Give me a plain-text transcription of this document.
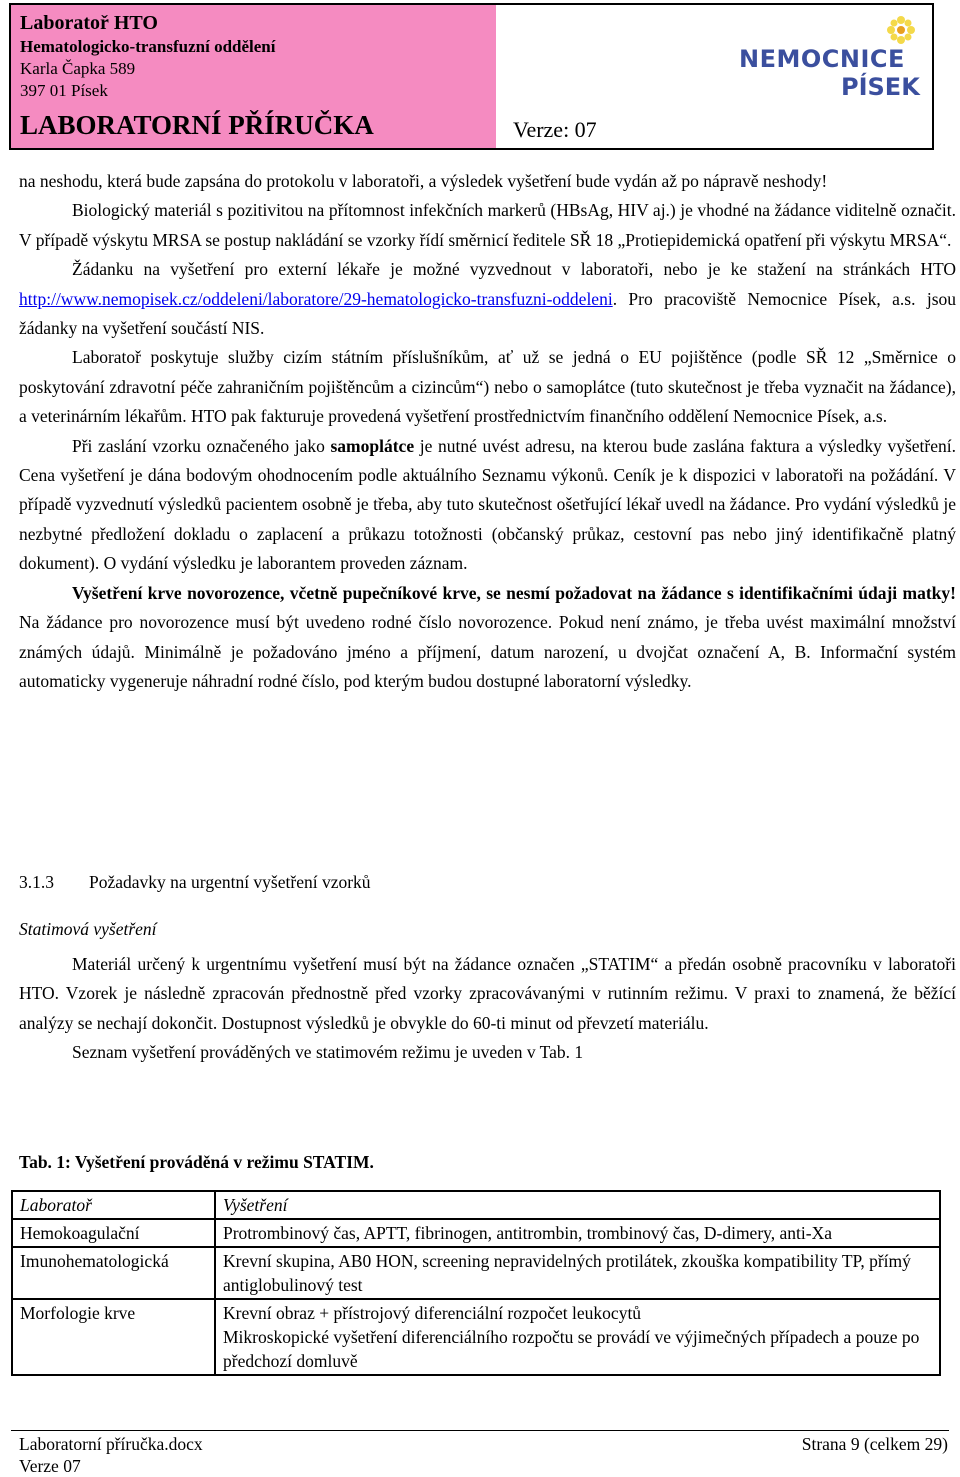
Laboratoř HTO
Hematologicko-transfuzní oddělení
Karla Čapka 589
397 01 Písek
LABORATORNÍ PŘÍRUČKA	Verze: 07
NEMOCNICE
PÍSEK

na neshodu, která bude zapsána do protokolu v laboratoři, a výsledek vyšetření bude vydán až po nápravě neshody!

Biologický materiál s pozitivitou na přítomnost infekčních markerů (HBsAg, HIV aj.) je vhodné na žádance viditelně označit. V případě výskytu MRSA se postup nakládání se vzorky řídí směrnicí ředitele SŘ 18 „Protiepidemická opatření při výskytu MRSA“.

Žádanku na vyšetření pro externí lékaře je možné vyzvednout v laboratoři, nebo je ke stažení na stránkách HTO http://www.nemopisek.cz/oddeleni/laboratore/29-hematologicko-transfuzni-oddeleni. Pro pracoviště Nemocnice Písek, a.s. jsou žádanky na vyšetření součástí NIS.

Laboratoř poskytuje služby cizím státním příslušníkům, ať už se jedná o EU pojištěnce (podle SŘ 12 „Směrnice o poskytování zdravotní péče zahraničním pojištěncům a cizincům“) nebo o samoplátce (tuto skutečnost je třeba vyznačit na žádance), a veterinárním lékařům. HTO pak fakturuje provedená vyšetření prostřednictvím finančního oddělení Nemocnice Písek, a.s.

Při zaslání vzorku označeného jako samoplátce je nutné uvést adresu, na kterou bude zaslána faktura a výsledky vyšetření. Cena vyšetření je dána bodovým ohodnocením podle aktuálního Seznamu výkonů. Ceník je k dispozici v laboratoři na požádání. V případě vyzvednutí výsledků pacientem osobně je třeba, aby tuto skutečnost ošetřující lékař uvedl na žádance. Pro vydání výsledků je nezbytné předložení dokladu o zaplacení a průkazu totožnosti (občanský průkaz, cestovní pas nebo jiný identifikačně platný dokument). O vydání výsledku je laborantem proveden záznam.

Vyšetření krve novorozence, včetně pupečníkové krve, se nesmí požadovat na žádance s identifikačními údaji matky! Na žádance pro novorozence musí být uvedeno rodné číslo novorozence. Pokud není známo, je třeba uvést maximální množství známých údajů. Minimálně je požadováno jméno a příjmení, datum narození, u dvojčat označení A, B. Informační systém automaticky vygeneruje náhradní rodné číslo, pod kterým budou dostupné laboratorní výsledky.

3.1.3 Požadavky na urgentní vyšetření vzorků
Statimová vyšetření

Materiál určený k urgentnímu vyšetření musí být na žádance označen „STATIM“ a předán osobně pracovníku v laboratoři HTO. Vzorek je následně zpracován přednostně před vzorky zpracovávanými v rutinním režimu. V praxi to znamená, že běžící analýzy se nechají dokončit. Dostupnost výsledků je obvykle do 60-ti minut od převzetí materiálu.

Seznam vyšetření prováděných ve statimovém režimu je uveden v Tab. 1

Tab. 1: Vyšetření prováděná v režimu STATIM.
Laboratoř	Vyšetření
Hemokoagulační	Protrombinový čas, APTT, fibrinogen, antitrombin, trombinový čas, D-dimery, anti-Xa
Imunohematologická	Krevní skupina, AB0 HON, screening nepravidelných protilátek, zkouška kompatibility TP, přímý antiglobulinový test
Morfologie krve	Krevní obraz + přístrojový diferenciální rozpočet leukocytů
Mikroskopické vyšetření diferenciálního rozpočtu se provádí ve výjimečných případech a pouze po předchozí domluvě
Laboratorní příručka.docx
Verze 07
Strana 9 (celkem 29)
